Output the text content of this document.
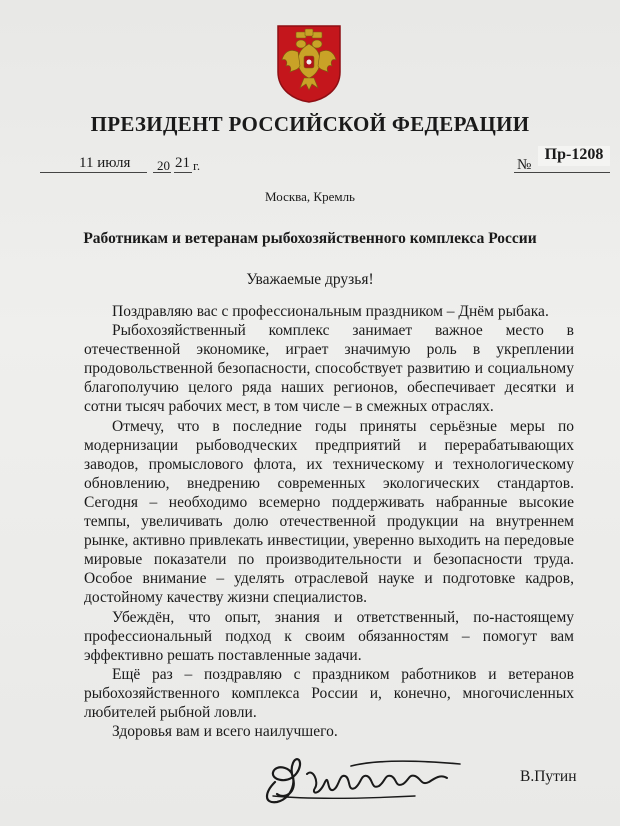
ПРЕЗИДЕНТ РОССИЙСКОЙ ФЕДЕРАЦИИ
11 июля 20 21 г.	№
Пр-1208
Москва, Кремль
Работникам и ветеранам рыбохозяйственного комплекса России
Уважаемые друзья!

Поздравляю вас с профессиональным праздником – Днём рыбака.

Рыбохозяйственный комплекс занимает важное место в отечественной экономике, играет значимую роль в укреплении продовольственной безопасности, способствует развитию и социальному благополучию целого ряда наших регионов, обеспечивает десятки и сотни тысяч рабочих мест, в том числе – в смежных отраслях.

Отмечу, что в последние годы приняты серьёзные меры по модернизации рыбоводческих предприятий и перерабатывающих заводов, промыслового флота, их техническому и технологическому обновлению, внедрению современных экологических стандартов. Сегодня – необходимо всемерно поддерживать набранные высокие темпы, увеличивать долю отечественной продукции на внутреннем рынке, активно привлекать инвестиции, уверенно выходить на передовые мировые показатели по производительности и безопасности труда. Особое внимание – уделять отраслевой науке и подготовке кадров, достойному качеству жизни специалистов.

Убеждён, что опыт, знания и ответственный, по-настоящему профессиональный подход к своим обязанностям – помогут вам эффективно решать поставленные задачи.

Ещё раз – поздравляю с праздником работников и ветеранов рыбохозяйственного комплекса России и, конечно, многочисленных любителей рыбной ловли.

Здоровья вам и всего наилучшего.

В.Путин
